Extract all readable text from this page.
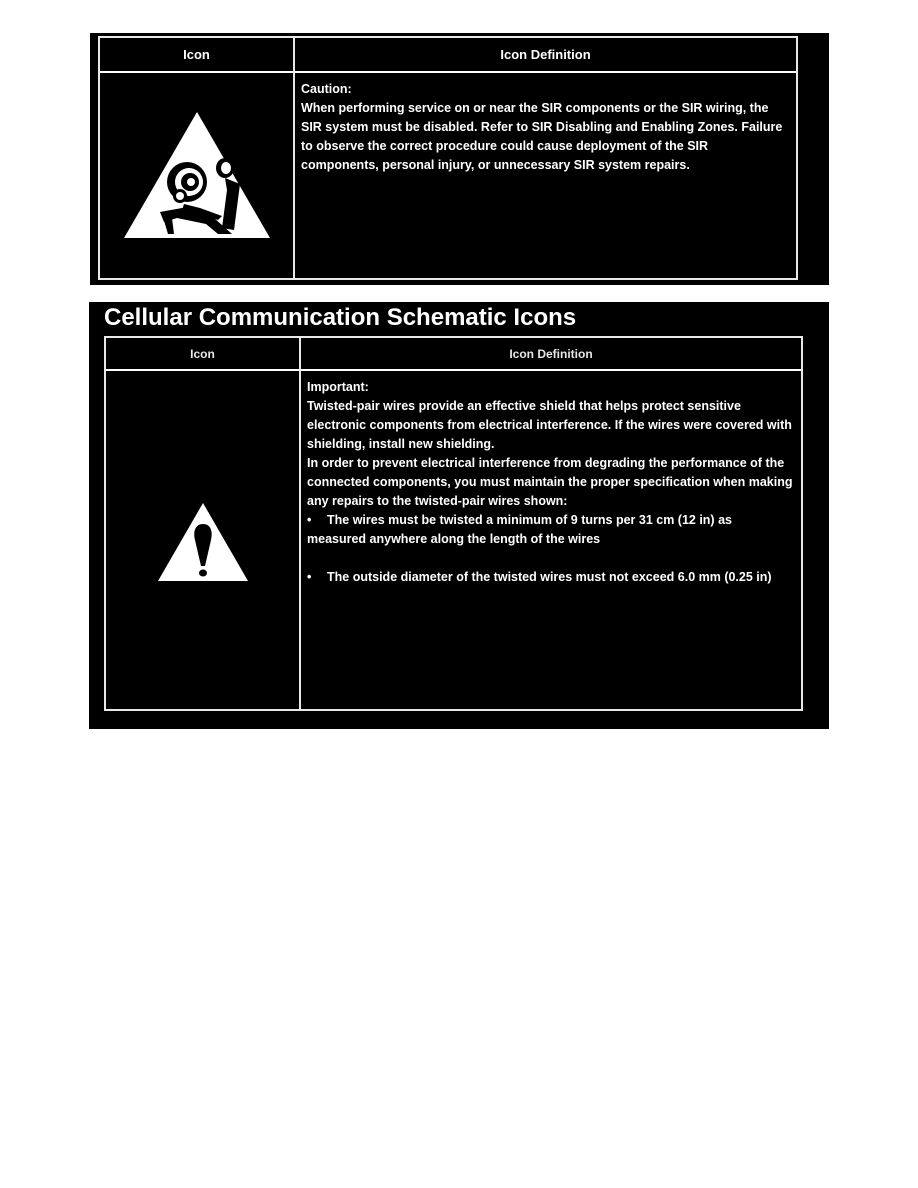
Icon	Icon Definition

Caution:

When performing service on or near the SIR components or the SIR wiring, the SIR system must be disabled. Refer to SIR Disabling and Enabling Zones. Failure to observe the correct procedure could cause deployment of the SIR components, personal injury, or unnecessary SIR system repairs.

Cellular Communication Schematic Icons
Icon	Icon Definition

Important:

Twisted-pair wires provide an effective shield that helps protect sensitive electronic components from electrical interference. If the wires were covered with shielding, install new shielding.

In order to prevent electrical interference from degrading the performance of the connected components, you must maintain the proper specification when making any repairs to the twisted-pair wires shown:

• The wires must be twisted a minimum of 9 turns per 31 cm (12 in) as measured anywhere along the length of the wires

• The outside diameter of the twisted wires must not exceed 6.0 mm (0.25 in)
